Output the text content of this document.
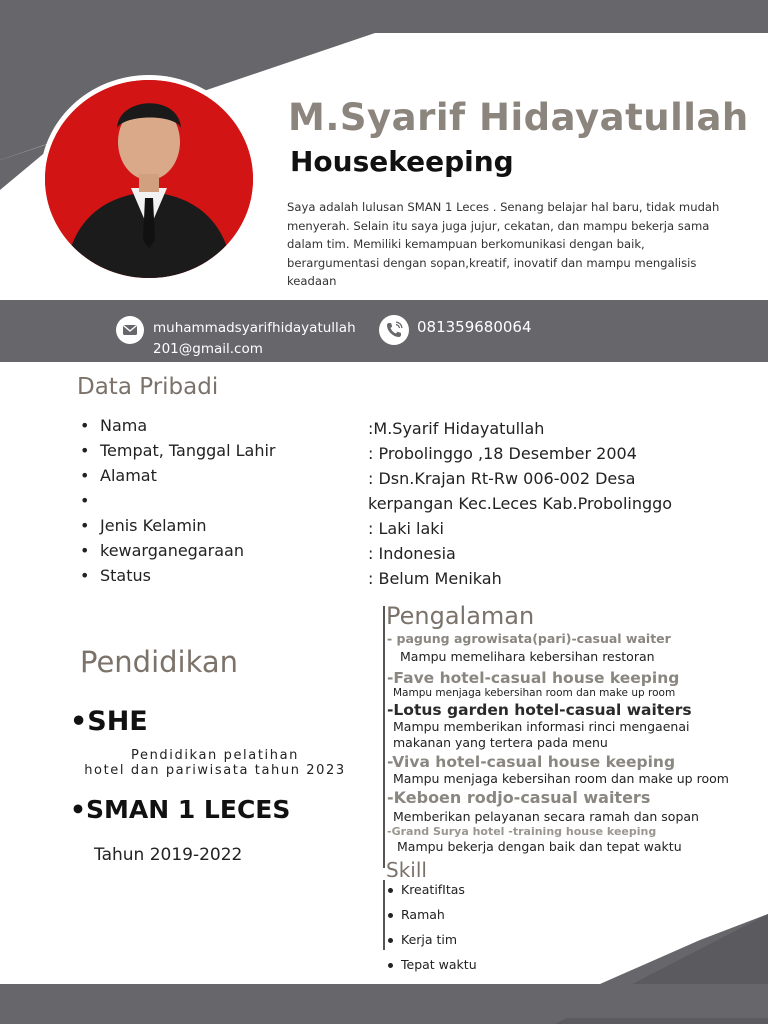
M.Syarif Hidayatullah
Housekeeping
Saya adalah lulusan SMAN 1 Leces . Senang belajar hal baru, tidak mudah menyerah. Selain itu saya juga jujur, cekatan, dan mampu bekerja sama dalam tim. Memiliki kemampuan berkomunikasi dengan baik, berargumentasi dengan sopan,kreatif, inovatif dan mampu mengalisis keadaan
muhammadsyarifhidayatullah
201@gmail.com
081359680064
Data Pribadi
• Nama	:M.Syarif Hidayatullah
• Tempat, Tanggal Lahir	: Probolinggo ,18 Desember 2004
• Alamat	: Dsn.Krajan Rt-Rw 006-002 Desa
•	kerpangan Kec.Leces Kab.Probolinggo
• Jenis Kelamin	: Laki laki
• kewarganegaraan	: Indonesia
• Status	: Belum Menikah
Pendidikan
•SHE
Pendidikan pelatihan
hotel dan pariwisata tahun 2023
•SMAN 1 LECES
Tahun 2019-2022
Pengalaman
- pagung agrowisata(pari)-casual waiter
Mampu memelihara kebersihan restoran
-Fave hotel-casual house keeping
Mampu menjaga kebersihan room dan make up room
-Lotus garden hotel-casual waiters
Mampu memberikan informasi rinci mengaenai
makanan yang tertera pada menu
-Viva hotel-casual house keeping
Mampu menjaga kebersihan room dan make up room
-Keboen rodjo-casual waiters
Memberikan pelayanan secara ramah dan sopan
-Grand Surya hotel -training house keeping
Mampu bekerja dengan baik dan tepat waktu
Skill
KreatifItas
Ramah
Kerja tim
Tepat waktu
